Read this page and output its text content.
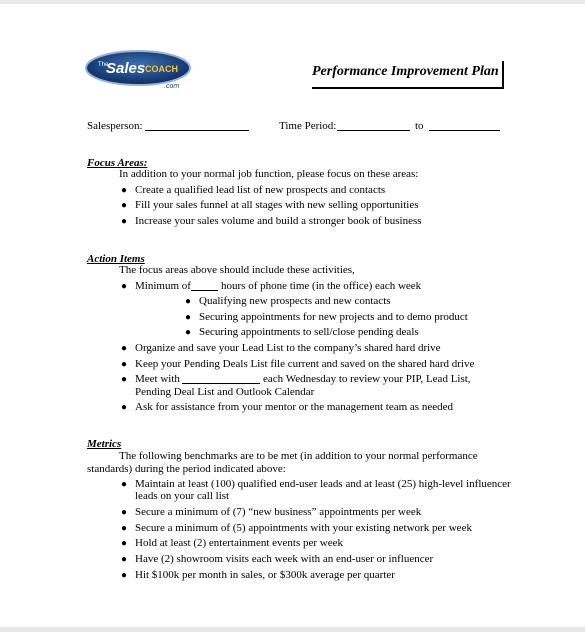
The
Sales COACH
.com
Performance Improvement Plan
Salesperson:	Time Period:	to
Focus Areas:
In addition to your normal job function, please focus on these areas:
● Create a qualified lead list of new prospects and contacts
● Fill your sales funnel at all stages with new selling opportunities
● Increase your sales volume and build a stronger book of business
Action Items
The focus areas above should include these activities,
● Minimum of	hours of phone time (in the office) each week
● Qualifying new prospects and new contacts
● Securing appointments for new projects and to demo product
● Securing appointments to sell/close pending deals
● Organize and save your Lead List to the company’s shared hard drive
● Keep your Pending Deals List file current and saved on the shared hard drive
● Meet with	each Wednesday to review your PIP, Lead List,
Pending Deal List and Outlook Calendar
● Ask for assistance from your mentor or the management team as needed
Metrics
The following benchmarks are to be met (in addition to your normal performance
standards) during the period indicated above:
● Maintain at least (100) qualified end-user leads and at least (25) high-level influencer
leads on your call list
● Secure a minimum of (7) “new business” appointments per week
● Secure a minimum of (5) appointments with your existing network per week
● Hold at least (2) entertainment events per week
● Have (2) showroom visits each week with an end-user or influencer
● Hit $100k per month in sales, or $300k average per quarter
